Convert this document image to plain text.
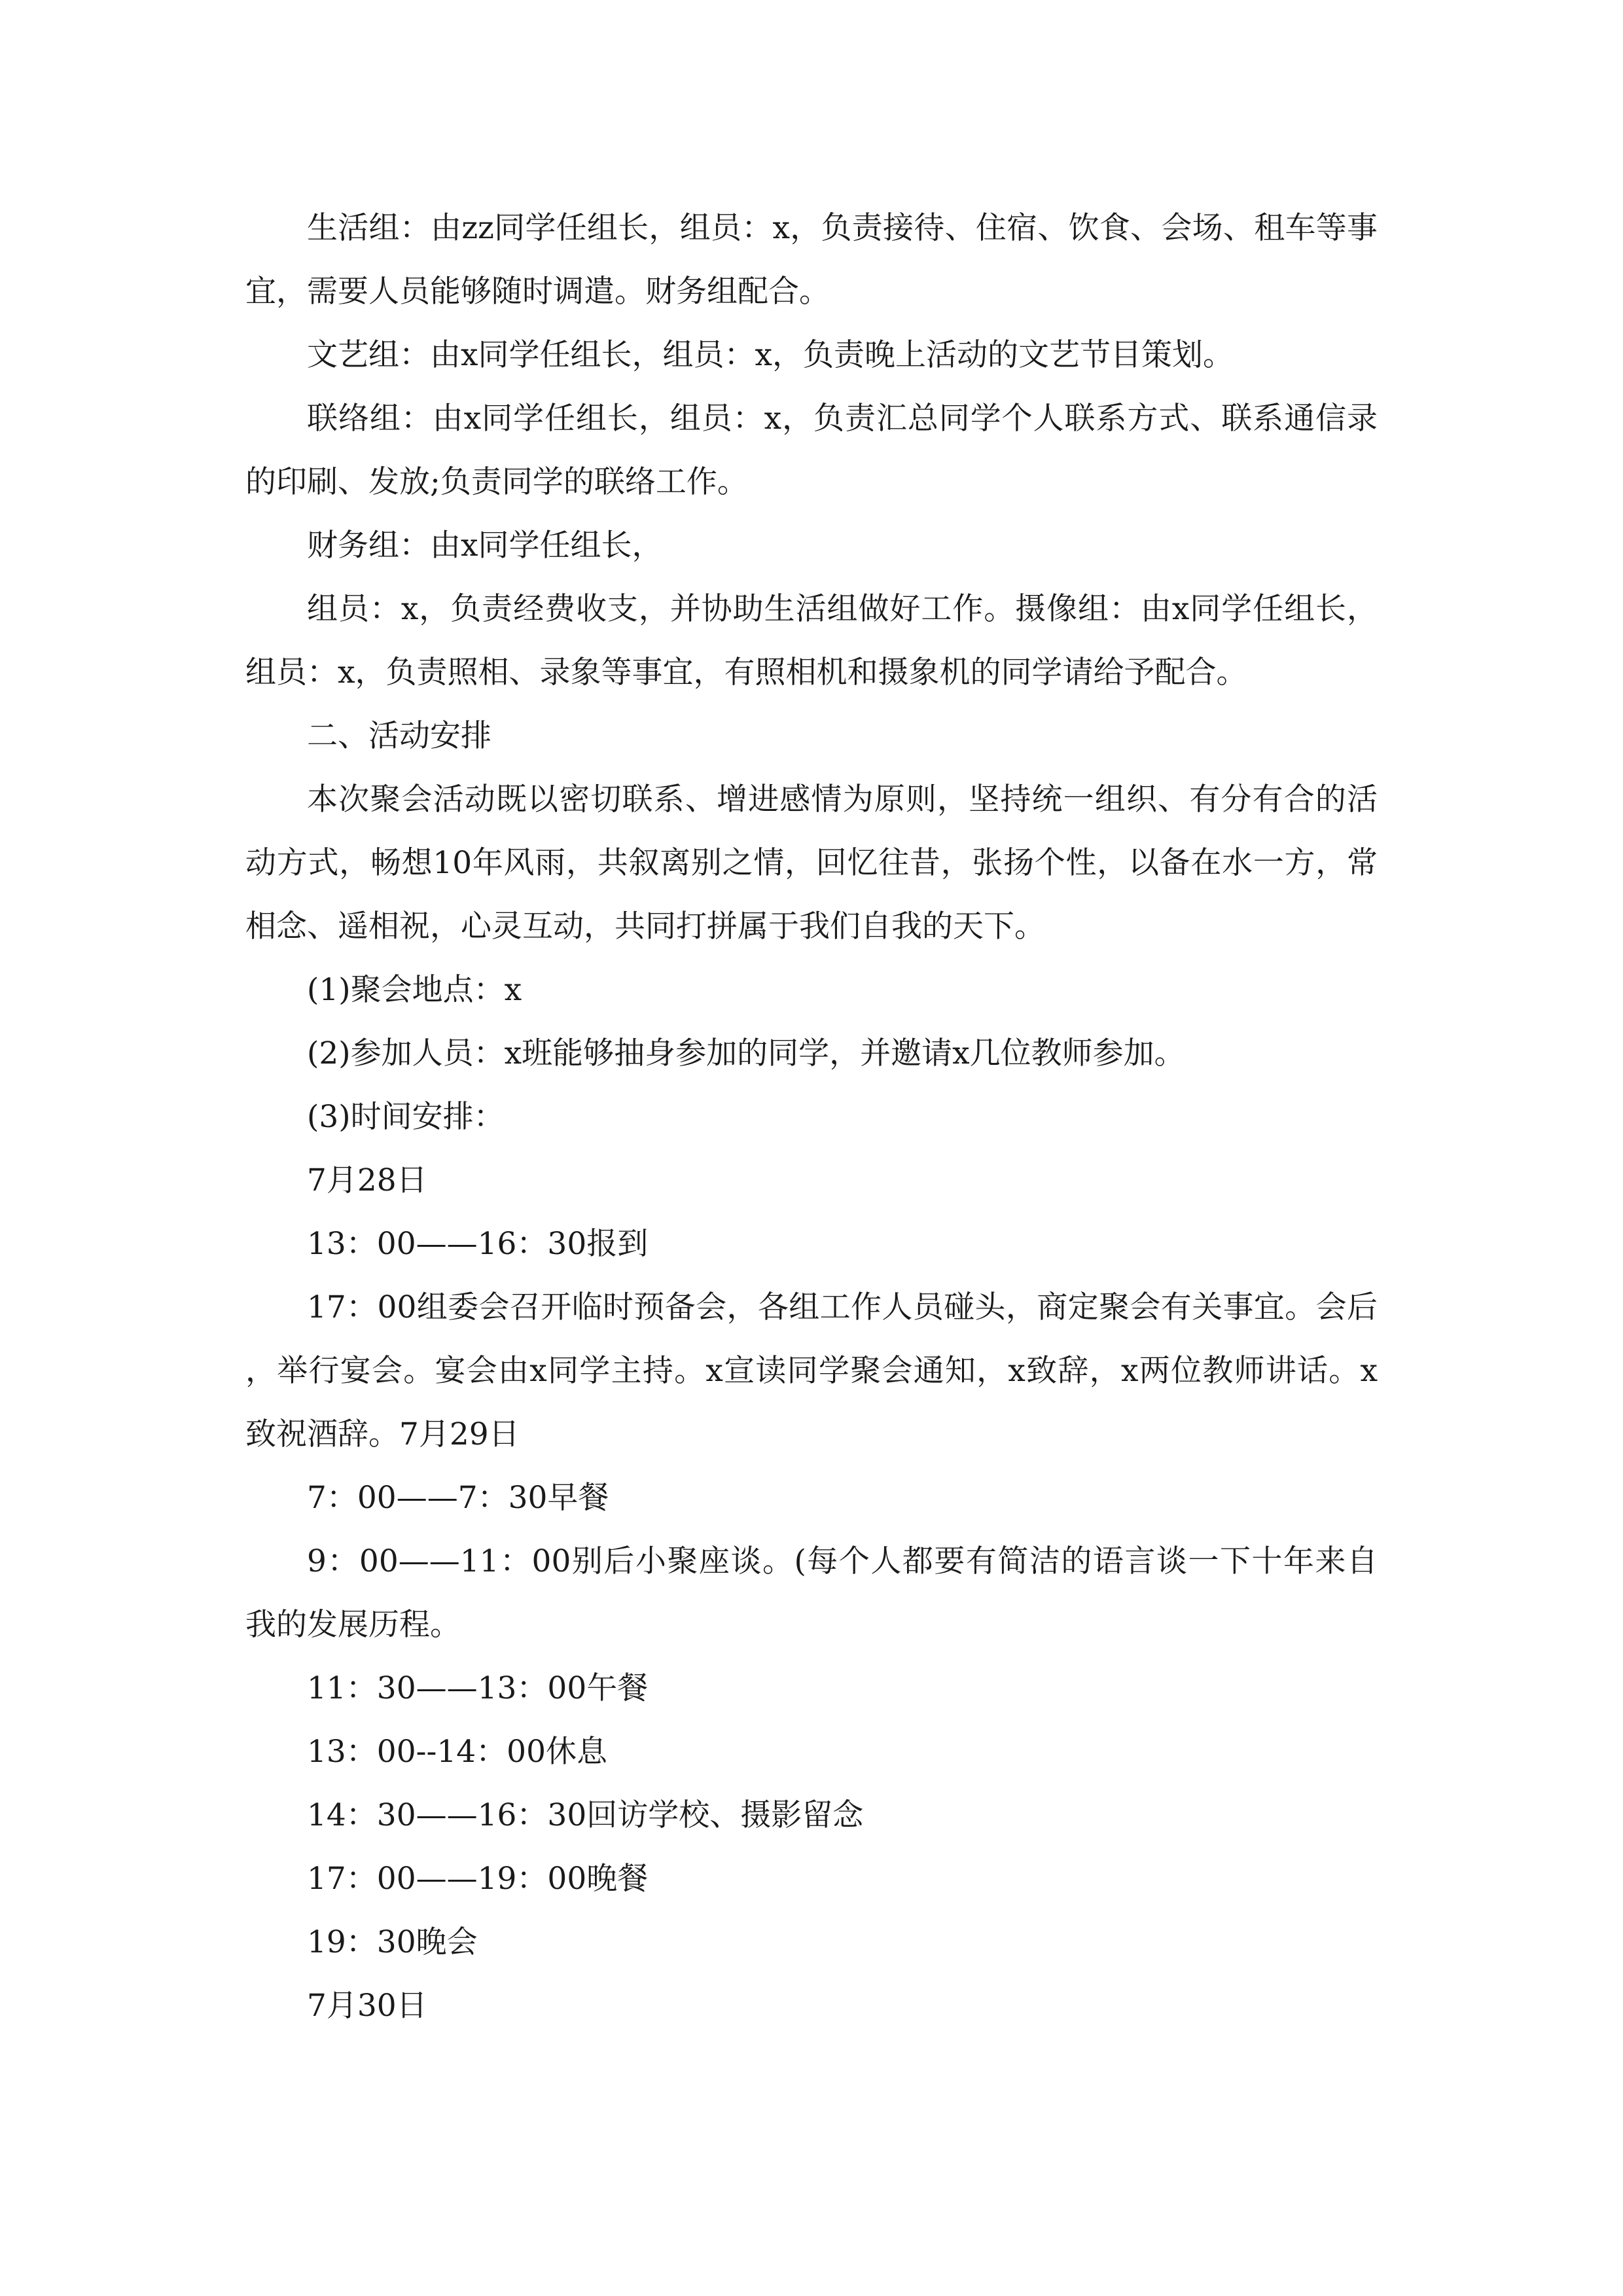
生活组：由zz同学任组长，组员：x，负责接待、住宿、饮食、会场、租车等事宜，需要人员能够随时调遣。财务组配合。

文艺组：由x同学任组长，组员：x，负责晚上活动的文艺节目策划。

联络组：由x同学任组长，组员：x，负责汇总同学个人联系方式、联系通信录的印刷、发放;负责同学的联络工作。

财务组：由x同学任组长，

组员：x，负责经费收支，并协助生活组做好工作。摄像组：由x同学任组长，组员：x，负责照相、录象等事宜，有照相机和摄象机的同学请给予配合。

二、活动安排

本次聚会活动既以密切联系、增进感情为原则，坚持统一组织、有分有合的活动方式，畅想10年风雨，共叙离别之情，回忆往昔，张扬个性，以备在水一方，常相念、遥相祝，心灵互动，共同打拼属于我们自我的天下。

(1)聚会地点：x

(2)参加人员：x班能够抽身参加的同学，并邀请x几位教师参加。

(3)时间安排：

7月28日

13：00——16：30报到

17：00组委会召开临时预备会，各组工作人员碰头，商定聚会有关事宜。会后，举行宴会。宴会由x同学主持。x宣读同学聚会通知，x致辞，x两位教师讲话。x致祝酒辞。7月29日

7：00——7：30早餐

9：00——11：00别后小聚座谈。(每个人都要有简洁的语言谈一下十年来自我的发展历程。

11：30——13：00午餐

13：00--14：00休息

14：30——16：30回访学校、摄影留念

17：00——19：00晚餐

19：30晚会

7月30日
